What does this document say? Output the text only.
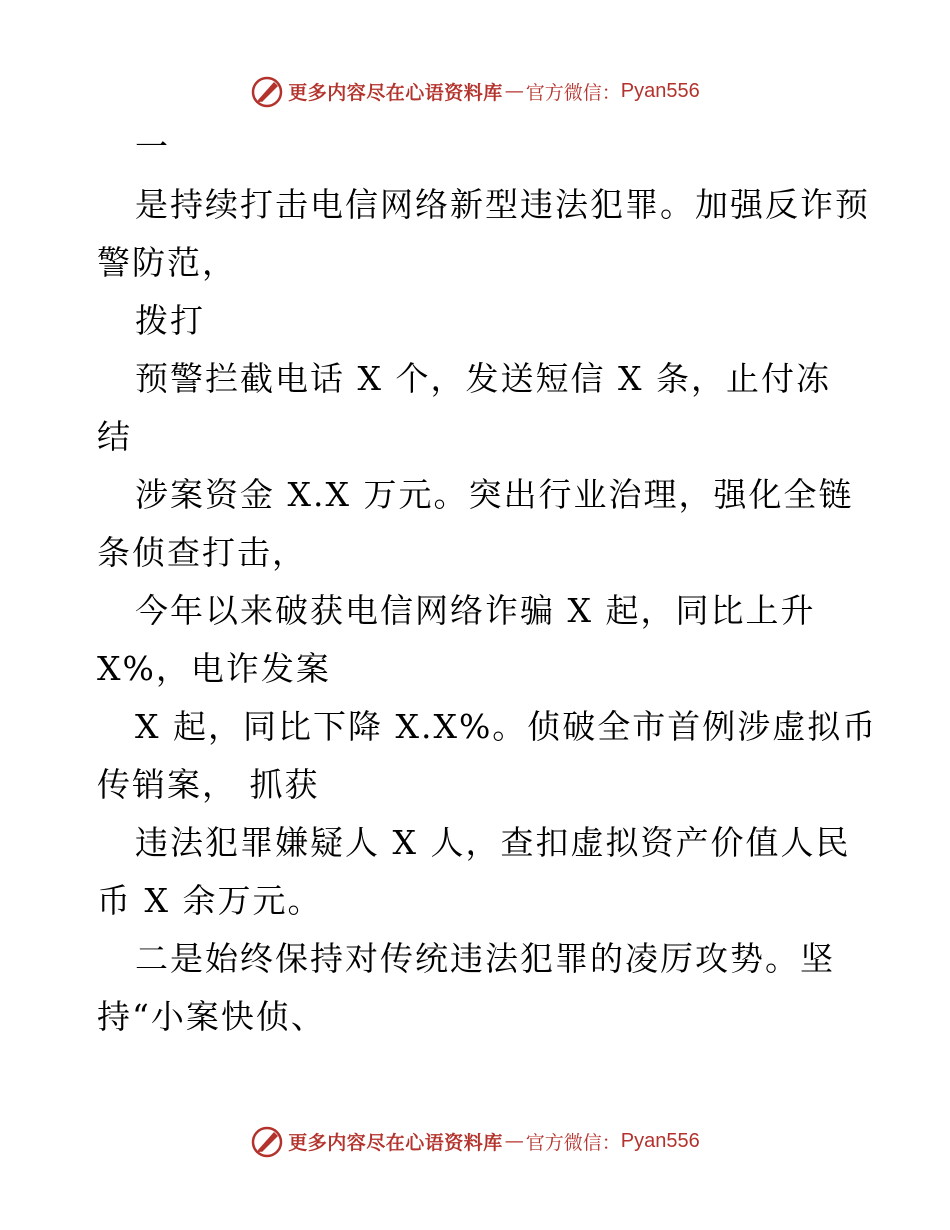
更多内容尽在心语资料库 — 官方微信： Pyan556
一
是持续打击电信网络新型违法犯罪。加强反诈预
警防范，
拨打
预警拦截电话 X 个，发送短信 X 条，止付冻
结
涉案资金 X.X 万元。突出行业治理，强化全链
条侦查打击，
今年以来破获电信网络诈骗 X 起，同比上升
X%，电诈发案
X 起，同比下降 X.X%。侦破全市首例涉虚拟币
传销案， 抓获
违法犯罪嫌疑人 X 人，查扣虚拟资产价值人民
币 X 余万元。
二是始终保持对传统违法犯罪的凌厉攻势。坚
持“小案快侦、
更多内容尽在心语资料库 — 官方微信： Pyan556
